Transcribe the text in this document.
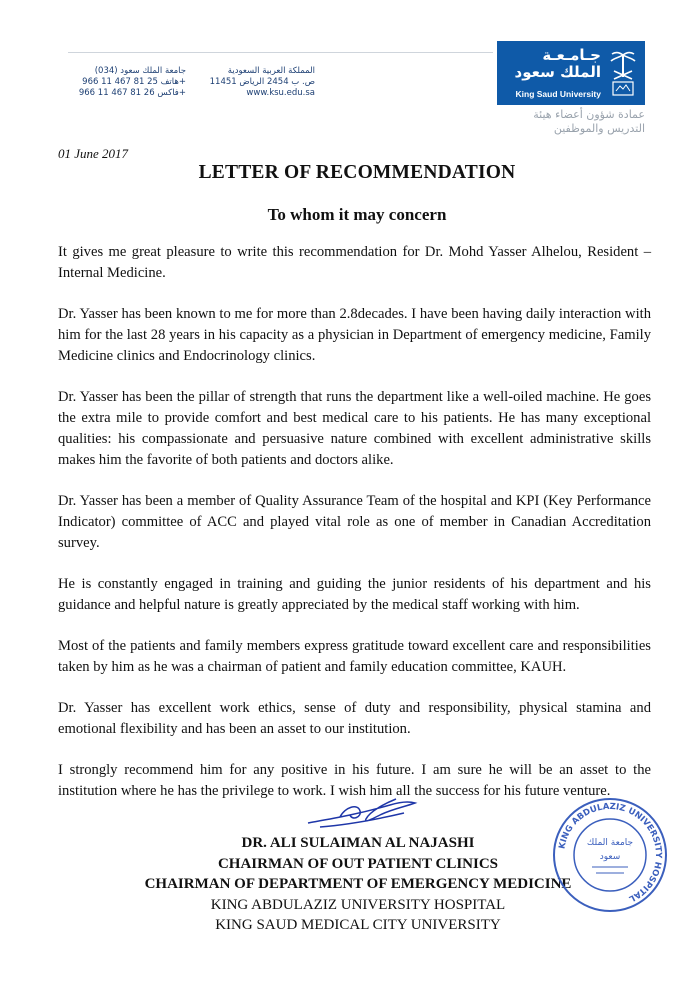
جامعة الملك سعود (034)
هاتف 25 81 467 11 966+
فاكس 26 81 467 11 966+
المملكة العربية السعودية
ص. ب 2454 الرياض 11451
www.ksu.edu.sa
جـامـعـة الملك سعود
King Saud University
عمادة شؤون أعضاء هيئة
التدريس والموظفين
01 June 2017
LETTER OF RECOMMENDATION
To whom it may concern

It gives me great pleasure to write this recommendation for Dr. Mohd Yasser Alhelou, Resident – Internal Medicine.

Dr. Yasser has been known to me for more than 2.8decades. I have been having daily interaction with him for the last 28 years in his capacity as a physician in Department of emergency medicine, Family Medicine clinics and Endocrinology clinics.

Dr. Yasser has been the pillar of strength that runs the department like a well-oiled machine. He goes the extra mile to provide comfort and best medical care to his patients. He has many exceptional qualities: his compassionate and persuasive nature combined with excellent administrative skills makes him the favorite of both patients and doctors alike.

Dr. Yasser has been a member of Quality Assurance Team of the hospital and KPI (Key Performance Indicator) committee of ACC and played vital role as one of member in Canadian Accreditation survey.

He is constantly engaged in training and guiding the junior residents of his department and his guidance and helpful nature is greatly appreciated by the medical staff working with him.

Most of the patients and family members express gratitude toward excellent care and responsibilities taken by him as he was a chairman of patient and family education committee, KAUH.

Dr. Yasser has excellent work ethics, sense of duty and responsibility, physical stamina and emotional flexibility and has been an asset to our institution.

I strongly recommend him for any positive in his future. I am sure he will be an asset to the institution where he has the privilege to work. I wish him all the success for his future venture.

DR. ALI SULAIMAN AL NAJASHI
CHAIRMAN OF OUT PATIENT CLINICS
CHAIRMAN OF DEPARTMENT OF EMERGENCY MEDICINE
KING ABDULAZIZ UNIVERSITY HOSPITAL
KING SAUD MEDICAL CITY UNIVERSITY
KING ABDULAZIZ UNIVERSITY HOSPITAL
جامعة الملك
سعود
